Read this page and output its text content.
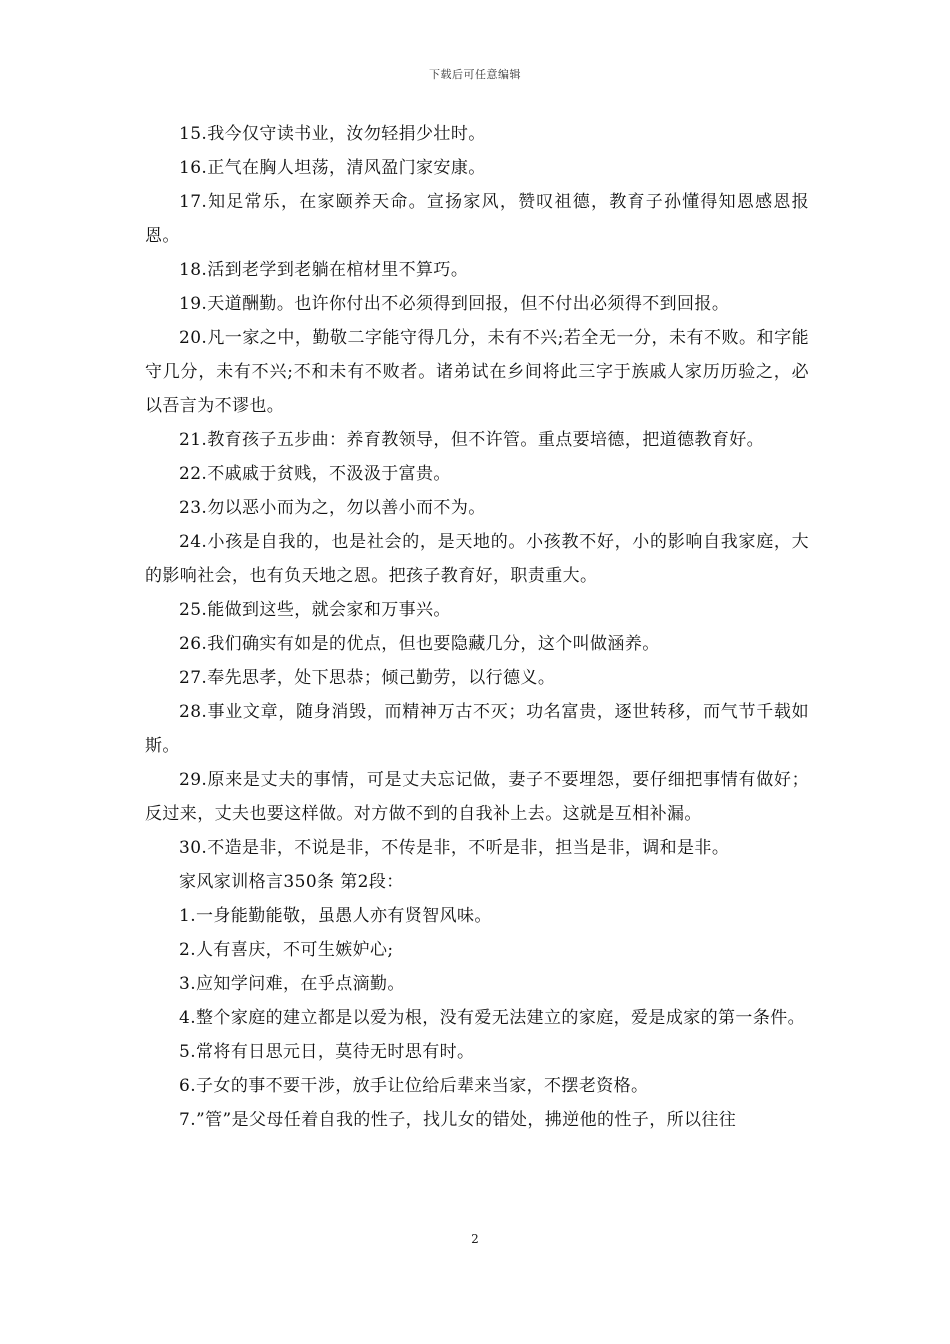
下载后可任意编辑

15.我今仅守读书业，汝勿轻捐少壮时。

16.正气在胸人坦荡，清风盈门家安康。

17.知足常乐，在家颐养天命。宣扬家风，赞叹祖德，教育子孙懂得知恩感恩报恩。

18.活到老学到老躺在棺材里不算巧。

19.天道酬勤。也许你付出不必须得到回报，但不付出必须得不到回报。

20.凡一家之中，勤敬二字能守得几分，未有不兴;若全无一分，未有不败。和字能守几分，未有不兴;不和未有不败者。诸弟试在乡间将此三字于族戚人家历历验之，必以吾言为不谬也。

21.教育孩子五步曲：养育教领导，但不许管。重点要培德，把道德教育好。

22.不戚戚于贫贱，不汲汲于富贵。

23.勿以恶小而为之，勿以善小而不为。

24.小孩是自我的，也是社会的，是天地的。小孩教不好，小的影响自我家庭，大的影响社会，也有负天地之恩。把孩子教育好，职责重大。

25.能做到这些，就会家和万事兴。

26.我们确实有如是的优点，但也要隐藏几分，这个叫做涵养。

27.奉先思孝，处下思恭；倾己勤劳，以行德义。

28.事业文章，随身消毁，而精神万古不灭；功名富贵，逐世转移，而气节千载如斯。

29.原来是丈夫的事情，可是丈夫忘记做，妻子不要埋怨，要仔细把事情有做好；反过来，丈夫也要这样做。对方做不到的自我补上去。这就是互相补漏。

30.不造是非，不说是非，不传是非，不听是非，担当是非，调和是非。

家风家训格言350条 第2段：

1.一身能勤能敬，虽愚人亦有贤智风味。

2.人有喜庆，不可生嫉妒心;

3.应知学问难，在乎点滴勤。

4.整个家庭的建立都是以爱为根，没有爱无法建立的家庭，爱是成家的第一条件。

5.常将有日思元日，莫待无时思有时。

6.子女的事不要干涉，放手让位给后辈来当家，不摆老资格。

7.”管”是父母任着自我的性子，找儿女的错处，拂逆他的性子，所以往往

2
